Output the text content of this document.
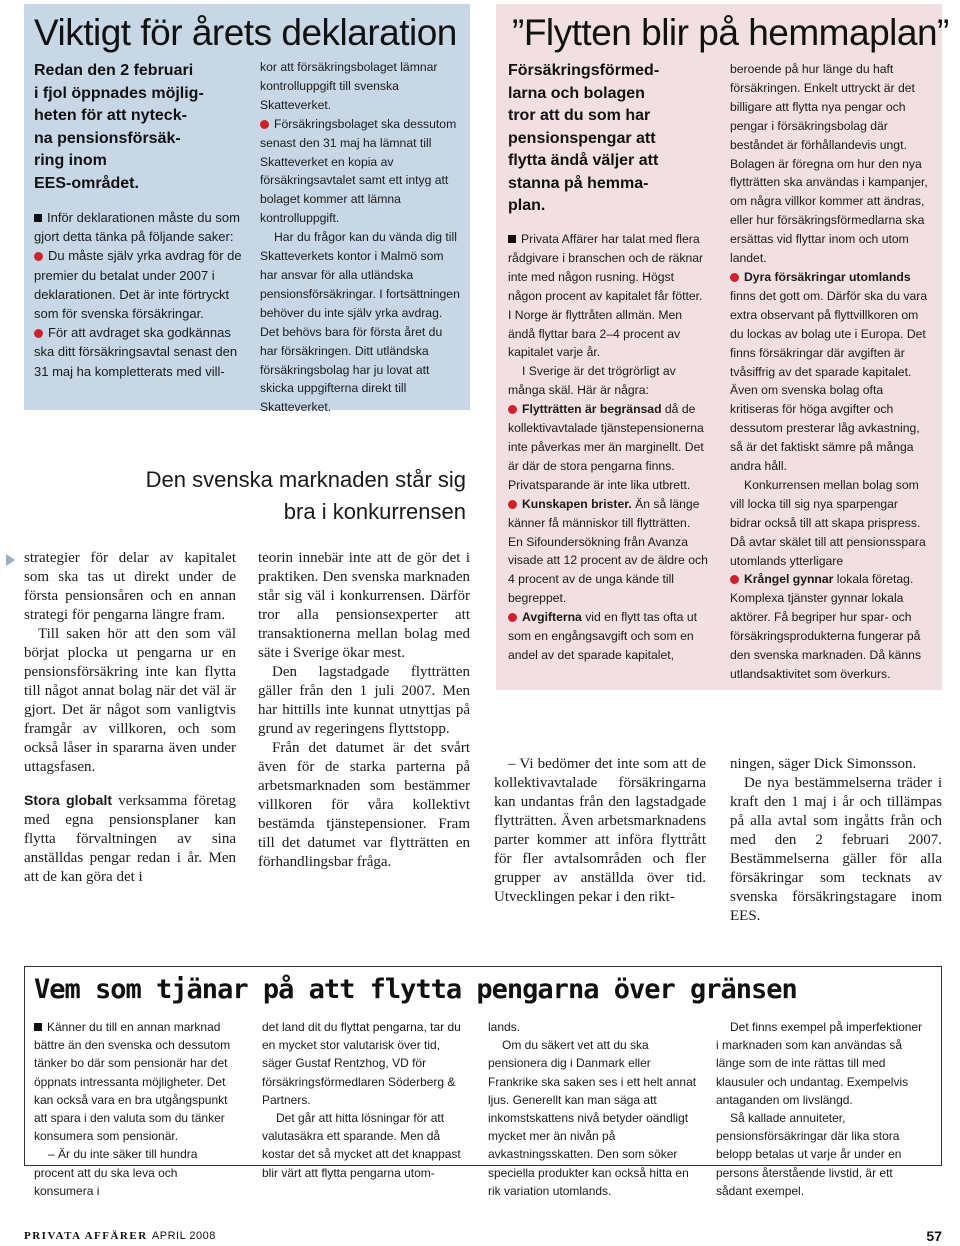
Viktigt för årets deklaration
Redan den 2 februari
i fjol öppnades möjlig-
heten för att nyteck-
na pensionsförsäk-
ring inom
EES-området.

Inför deklarationen måste du som gjort detta tänka på följande saker:

Du måste själv yrka avdrag för de premier du betalat under 2007 i deklarationen. Det är inte förtryckt som för svenska försäkringar.

För att avdraget ska godkännas ska ditt försäkringsavtal senast den 31 maj ha kompletterats med vill-

kor att försäkringsbolaget lämnar kontrolluppgift till svenska Skatteverket.

Försäkringsbolaget ska dessutom senast den 31 maj ha lämnat till Skatteverket en kopia av försäkringsavtalet samt ett intyg att bolaget kommer att lämna kontrolluppgift.

Har du frågor kan du vända dig till Skatteverkets kontor i Malmö som har ansvar för alla utländska pensionsförsäkringar. I fortsättningen behöver du inte själv yrka avdrag. Det behövs bara för första året du har försäkringen. Ditt utländska försäkringsbolag har ju lovat att skicka uppgifterna direkt till Skatteverket.

”Flytten blir på hemmaplan”
Försäkringsförmed-
larna och bolagen
tror att du som har
pensionspengar att
flytta ändå väljer att
stanna på hemma-
plan.

Privata Affärer har talat med flera rådgivare i branschen och de räknar inte med någon rusning. Högst någon procent av kapitalet får fötter. I Norge är flyttråten allmän. Men ändå flyttar bara 2–4 procent av kapitalet varje år.

I Sverige är det trögrörligt av många skäl. Här är några:

Flytträtten är begränsad då de kollektivavtalade tjänstepensionerna inte påverkas mer än marginellt. Det är där de stora pengarna finns. Privatsparande är inte lika utbrett.

Kunskapen brister. Än så länge känner få människor till flytträtten. En Sifoundersökning från Avanza visade att 12 procent av de äldre och 4 procent av de unga kände till begreppet.

Avgifterna vid en flytt tas ofta ut som en engångsavgift och som en andel av det sparade kapitalet,

beroende på hur länge du haft försäkringen. Enkelt uttryckt är det billigare att flytta nya pengar och pengar i försäkringsbolag där beståndet är förhållandevis ungt. Bolagen är föregna om hur den nya flytträtten ska användas i kampanjer, om några villkor kommer att ändras, eller hur försäkringsförmedlarna ska ersättas vid flyttar inom och utom landet.

Dyra försäkringar utomlands finns det gott om. Därför ska du vara extra observant på flyttvillkoren om du lockas av bolag ute i Europa. Det finns försäkringar där avgiften är tvåsiffrig av det sparade kapitalet. Även om svenska bolag ofta kritiseras för höga avgifter och dessutom presterar låg avkastning, så är det faktiskt sämre på många andra håll.

Konkurrensen mellan bolag som vill locka till sig nya sparpengar bidrar också till att skapa prispress. Då avtar skälet till att pensionsspara utomlands ytterligare

Krångel gynnar lokala företag. Komplexa tjänster gynnar lokala aktörer. Få begriper hur spar- och försäkringsprodukterna fungerar på den svenska marknaden. Då känns utlandsaktivitet som överkurs.

Den svenska marknaden står sig
bra i konkurrensen

strategier för delar av kapitalet som ska tas ut direkt under de första pensionsåren och en annan strategi för pengarna längre fram.

Till saken hör att den som väl börjat plocka ut pengarna ur en pensionsförsäkring inte kan flytta till något annat bolag när det väl är gjort. Det är något som vanligtvis framgår av villkoren, och som också låser in spararna även under uttagsfasen.

Stora globalt verksamma företag med egna pensionsplaner kan flytta förvaltningen av sina anställdas pengar redan i år. Men att de kan göra det i

teorin innebär inte att de gör det i praktiken. Den svenska marknaden står sig väl i konkurrensen. Därför tror alla pensionsexperter att transaktionerna mellan bolag med säte i Sverige ökar mest.

Den lagstadgade flytträtten gäller från den 1 juli 2007. Men har hittills inte kunnat utnyttjas på grund av regeringens flyttstopp.

Från det datumet är det svårt även för de starka parterna på arbetsmarknaden som bestämmer villkoren för våra kollektivt bestämda tjänstepensioner. Fram till det datumet var flytträtten en förhandlingsbar fråga.

– Vi bedömer det inte som att de kollektivavtalade försäkringarna kan undantas från den lagstadgade flytträtten. Även arbetsmarknadens parter kommer att införa flyttrått för fler avtalsområden och fler grupper av anställda över tid. Utvecklingen pekar i den rikt-

ningen, säger Dick Simonsson.

De nya bestämmelserna träder i kraft den 1 maj i år och tillämpas på alla avtal som ingåtts från och med den 2 februari 2007. Bestämmelserna gäller för alla försäkringar som tecknats av svenska försäkringstagare inom EES.

Vem som tjänar på att flytta pengarna över gränsen

Känner du till en annan marknad bättre än den svenska och dessutom tänker bo där som pensionär har det öppnats intressanta möjligheter. Det kan också vara en bra utgångspunkt att spara i den valuta som du tänker konsumera som pensionär.

– Är du inte säker till hundra procent att du ska leva och konsumera i

det land dit du flyttat pengarna, tar du en mycket stor valutarisk över tid, säger Gustaf Rentzhog, VD för försäkringsförmedlaren Söderberg & Partners.

Det går att hitta lösningar för att valutasäkra ett sparande. Men då kostar det så mycket att det knappast blir värt att flytta pengarna utom-

lands.

Om du säkert vet att du ska pensionera dig i Danmark eller Frankrike ska saken ses i ett helt annat ljus. Generellt kan man säga att inkomstskattens nivå betyder oändligt mycket mer än nivån på avkastningsskatten. Den som söker speciella produkter kan också hitta en rik variation utomlands.

Det finns exempel på imperfektioner i marknaden som kan användas så länge som de inte rättas till med klausuler och undantag. Exempelvis antaganden om livslängd.

Så kallade annuiteter, pensionsförsäkringar där lika stora belopp betalas ut varje år under en persons återstående livstid, är ett sådant exempel.

PRIVATA AFFÄRER APRIL 2008	57
